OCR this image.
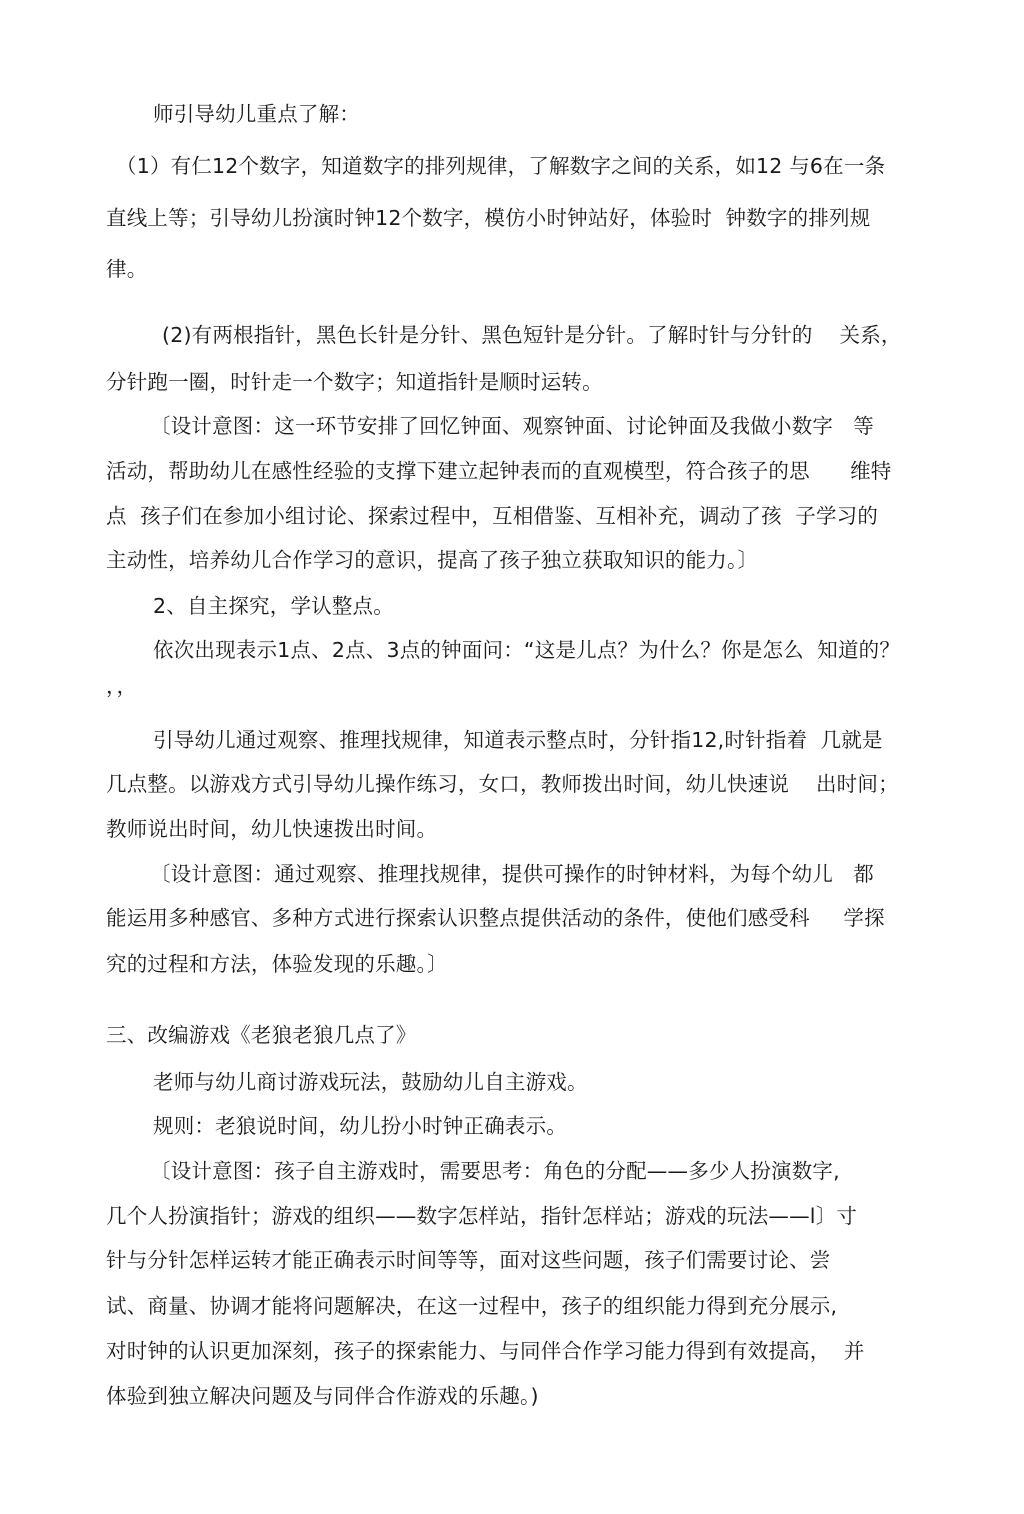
师引导幼儿重点了解：
（1）有仁12个数字，知道数字的排列规律，了解数字之间的关系，如12 与6在一条
直线上等；引导幼儿扮演时钟12个数字，模仿小时钟站好，体验时  钟数字的排列规
律。
(2)有两根指针，黑色长针是分针、黑色短针是分针。了解时针与分针的    关系，
分针跑一圈，时针走一个数字；知道指针是顺时运转。
〔设计意图：这一环节安排了回忆钟面、观察钟面、讨论钟面及我做小数字   等
活动，帮助幼儿在感性经验的支撑下建立起钟表而的直观模型，符合孩子的思      维特
点  孩子们在参加小组讨论、探索过程中，互相借鉴、互相补充，调动了孩  子学习的
主动性，培养幼儿合作学习的意识，提高了孩子独立获取知识的能力。〕
2、自主探究，学认整点。
依次出现表示1点、2点、3点的钟面问：“这是儿点？为什么？你是怎么  知道的？
，，
引导幼儿通过观察、推理找规律，知道表示整点时，分针指12,时针指着  几就是
几点整。以游戏方式引导幼儿操作练习，女口，教师拨出时间，幼儿快速说    出时间；
教师说出时间，幼儿快速拨出时间。
〔设计意图：通过观察、推理找规律，提供可操作的时钟材料，为每个幼儿   都
能运用多种感官、多种方式进行探索认识整点提供活动的条件，使他们感受科     学探
究的过程和方法，体验发现的乐趣。〕
三、改编游戏《老狼老狼几点了》
老师与幼儿商讨游戏玩法，鼓励幼儿自主游戏。
规则：老狼说时间，幼儿扮小时钟正确表示。
〔设计意图：孩子自主游戏时，需要思考：角色的分配——多少人扮演数字,
几个人扮演指针；游戏的组织——数字怎样站，指针怎样站；游戏的玩法——l〕寸
针与分针怎样运转才能正确表示时间等等，面对这些问题，孩子们需要讨论、尝
试、商量、协调才能将问题解决，在这一过程中，孩子的组织能力得到充分展示,
对时钟的认识更加深刻，孩子的探索能力、与同伴合作学习能力得到有效提高，  并
体验到独立解决问题及与同伴合作游戏的乐趣。)
